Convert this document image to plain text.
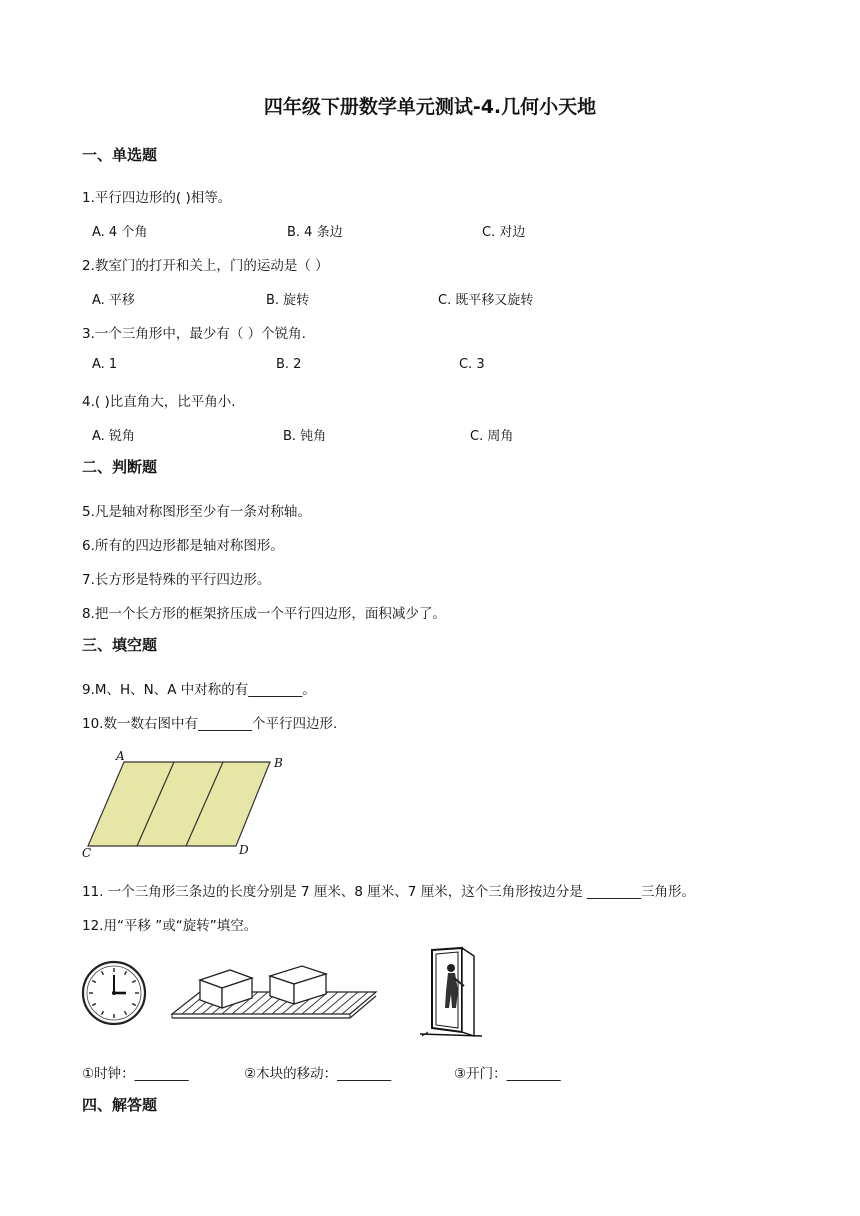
四年级下册数学单元测试-4.几何小天地
一、单选题
1.平行四边形的( )相等。
A. 4 个角	B. 4 条边	C. 对边
2.教室门的打开和关上，门的运动是（ ）
A. 平移	B. 旋转	C. 既平移又旋转
3.一个三角形中，最少有（ ）个锐角.
A. 1	B. 2	C. 3
4.( )比直角大，比平角小.
A. 锐角	B. 钝角	C. 周角
二、判断题
5.凡是轴对称图形至少有一条对称轴。
6.所有的四边形都是轴对称图形。
7.长方形是特殊的平行四边形。
8.把一个长方形的框架挤压成一个平行四边形，面积减少了。
三、填空题
9.M、H、N、A 中对称的有________。
10.数一数右图中有________个平行四边形.
A	B
C	D
11. 一个三角形三条边的长度分别是 7 厘米、8 厘米、7 厘米，这个三角形按边分是 ________三角形。
12.用“平移 ”或“旋转”填空。
①时钟：________	②木块的移动：________	③开门：________
四、解答题
